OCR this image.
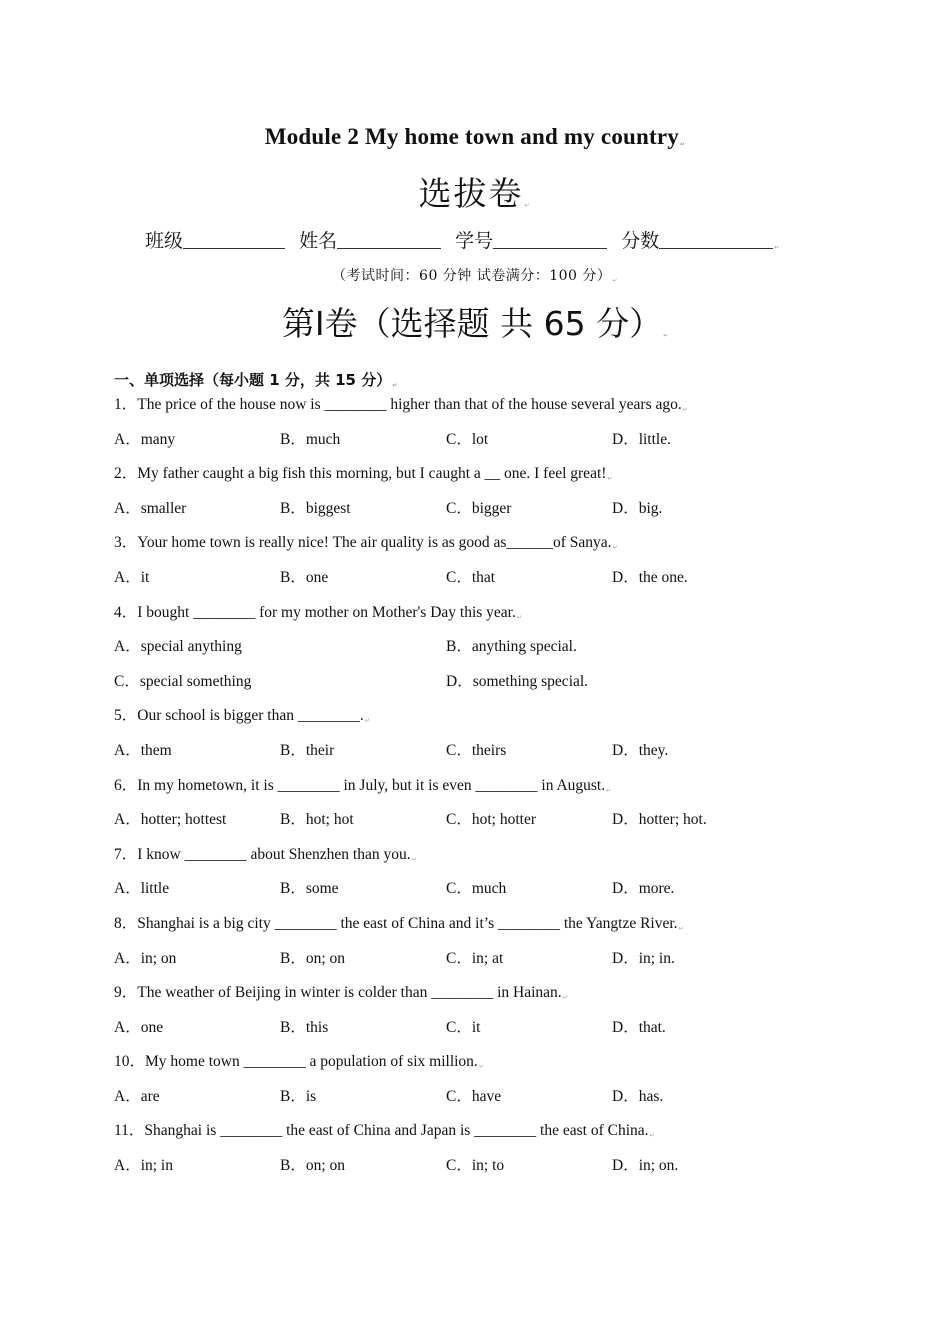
Module 2 My home town and my country↵
选拔卷↵
班级	姓名	学号	分数	↵
（考试时间：60 分钟 试卷满分：100 分）↵
第Ⅰ卷（选择题 共 65 分）↵
一、单项选择（每小题 1 分，共 15 分）↵
1．The price of the house now is ________ higher than that of the house several years ago.↵
A．many	B．much	C．lot	D．little.
2．My father caught a big fish this morning, but I caught a __ one. I feel great!↵
A．smaller	B．biggest	C．bigger	D．big.
3．Your home town is really nice! The air quality is as good as______of Sanya.↵
A．it	B．one	C．that	D．the one.
4．I bought ________ for my mother on Mother's Day this year.↵
A．special anything	B．anything special.
C．special something	D．something special.
5．Our school is bigger than ________.↵
A．them	B．their	C．theirs	D．they.
6．In my hometown, it is ________ in July, but it is even ________ in August.↵
A．hotter; hottest	B．hot; hot	C．hot; hotter	D．hotter; hot.
7．I know ________ about Shenzhen than you.↵
A．little	B．some	C．much	D．more.
8．Shanghai is a big city ________ the east of China and it’s ________ the Yangtze River.↵
A．in; on	B．on; on	C．in; at	D．in; in.
9．The weather of Beijing in winter is colder than ________ in Hainan.↵
A．one	B．this	C．it	D．that.
10．My home town ________ a population of six million.↵
A．are	B．is	C．have	D．has.
11．Shanghai is ________ the east of China and Japan is ________ the east of China.↵
A．in; in	B．on; on	C．in; to	D．in; on.
